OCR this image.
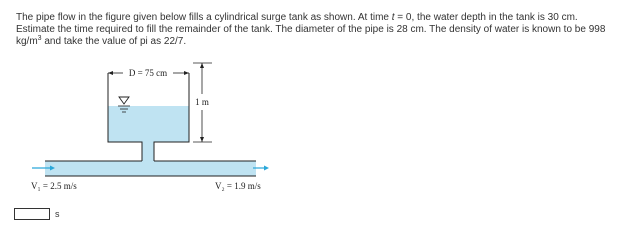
The pipe flow in the figure given below fills a cylindrical surge tank as shown. At time t = 0, the water depth in the tank is 30 cm. Estimate the time required to fill the remainder of the tank. The diameter of the pipe is 28 cm. The density of water is known to be 998 $kg/m^3$ and take the value of pi as 22/7.

D = 75 cm
1 m
V₁ = 2.5 m/s	V₂ = 1.9 m/s
s
